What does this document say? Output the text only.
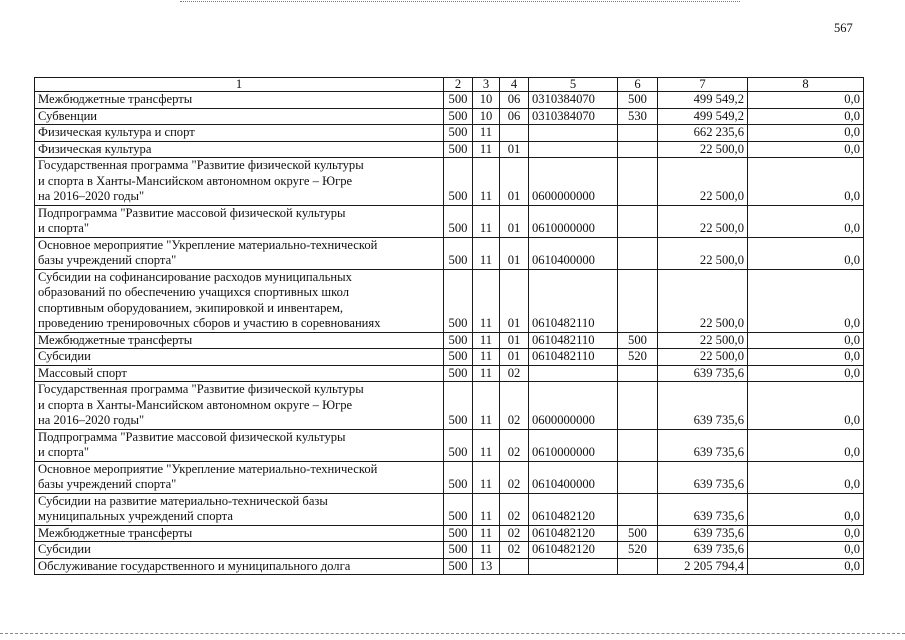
567
1	2	3	4	5	6	7	8
Межбюджетные трансферты	500	10	06	0310384070	500	499 549,2	0,0
Субвенции	500	10	06	0310384070	530	499 549,2	0,0
Физическая культура и спорт	500	11				662 235,6	0,0
Физическая культура	500	11	01			22 500,0	0,0
Государственная программа "Развитие физической культуры
и спорта в Ханты-Мансийском автономном округе – Югре
на 2016–2020 годы"	500	11	01	0600000000		22 500,0	0,0
Подпрограмма "Развитие массовой физической культуры
и спорта"	500	11	01	0610000000		22 500,0	0,0
Основное мероприятие "Укрепление материально-технической
базы учреждений спорта"	500	11	01	0610400000		22 500,0	0,0
Субсидии на софинансирование расходов муниципальных
образований по обеспечению учащихся спортивных школ
спортивным оборудованием, экипировкой и инвентарем,
проведению тренировочных сборов и участию в соревнованиях	500	11	01	0610482110		22 500,0	0,0
Межбюджетные трансферты	500	11	01	0610482110	500	22 500,0	0,0
Субсидии	500	11	01	0610482110	520	22 500,0	0,0
Массовый спорт	500	11	02			639 735,6	0,0
Государственная программа "Развитие физической культуры
и спорта в Ханты-Мансийском автономном округе – Югре
на 2016–2020 годы"	500	11	02	0600000000		639 735,6	0,0
Подпрограмма "Развитие массовой физической культуры
и спорта"	500	11	02	0610000000		639 735,6	0,0
Основное мероприятие "Укрепление материально-технической
базы учреждений спорта"	500	11	02	0610400000		639 735,6	0,0
Субсидии на развитие материально-технической базы
муниципальных учреждений спорта	500	11	02	0610482120		639 735,6	0,0
Межбюджетные трансферты	500	11	02	0610482120	500	639 735,6	0,0
Субсидии	500	11	02	0610482120	520	639 735,6	0,0
Обслуживание государственного и муниципального долга	500	13				2 205 794,4	0,0
